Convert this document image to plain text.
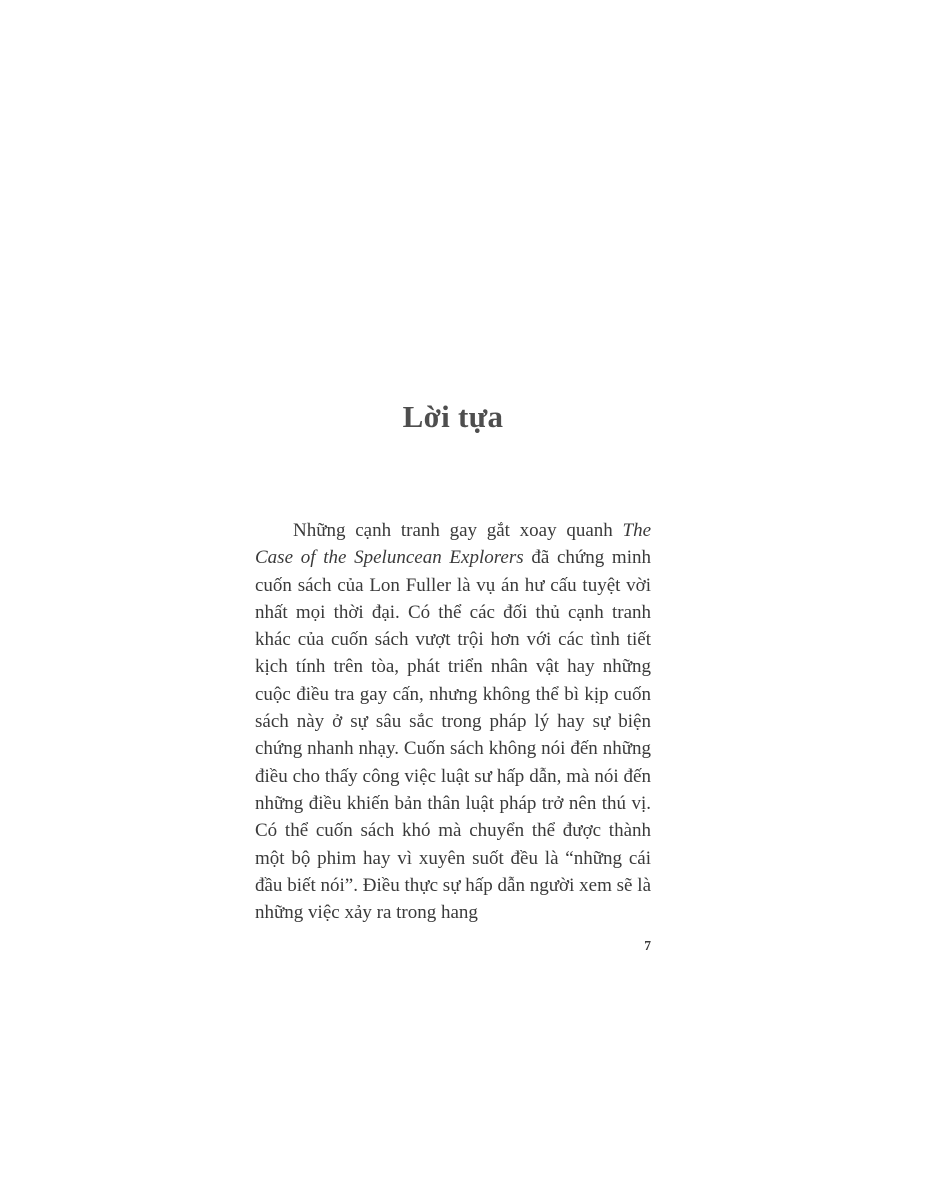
Lời tựa

Những cạnh tranh gay gắt xoay quanh The Case of the Speluncean Explorers đã chứng minh cuốn sách của Lon Fuller là vụ án hư cấu tuyệt vời nhất mọi thời đại. Có thể các đối thủ cạnh tranh khác của cuốn sách vượt trội hơn với các tình tiết kịch tính trên tòa, phát triển nhân vật hay những cuộc điều tra gay cấn, nhưng không thể bì kịp cuốn sách này ở sự sâu sắc trong pháp lý hay sự biện chứng nhanh nhạy. Cuốn sách không nói đến những điều cho thấy công việc luật sư hấp dẫn, mà nói đến những điều khiến bản thân luật pháp trở nên thú vị. Có thể cuốn sách khó mà chuyển thể được thành một bộ phim hay vì xuyên suốt đều là “những cái đầu biết nói”. Điều thực sự hấp dẫn người xem sẽ là những việc xảy ra trong hang

7
